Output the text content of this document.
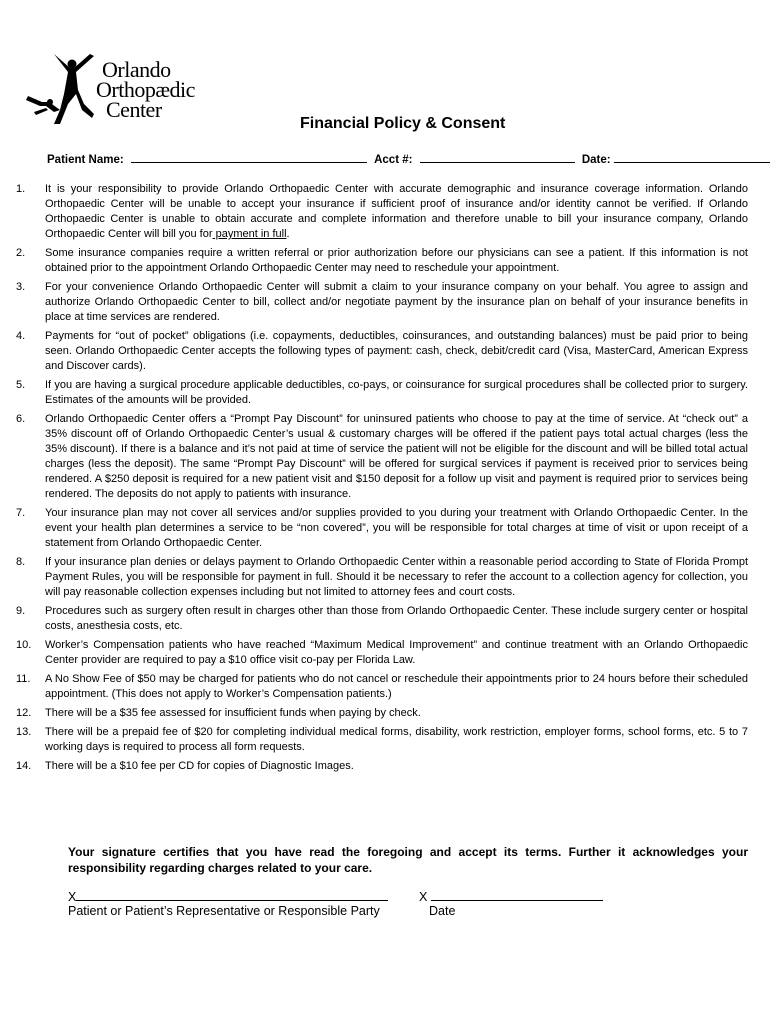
Orlando
Orthopædic
Center
Financial Policy & Consent
Patient Name:	Acct #:	Date:
1.	It is your responsibility to provide Orlando Orthopaedic Center with accurate demographic and insurance coverage information. Orlando Orthopaedic Center will be unable to accept your insurance if sufficient proof of insurance and/or identity cannot be verified. If Orlando Orthopaedic Center is unable to obtain accurate and complete information and therefore unable to bill your insurance company, Orlando Orthopaedic Center will bill you for payment in full.
2.	Some insurance companies require a written referral or prior authorization before our physicians can see a patient. If this information is not obtained prior to the appointment Orlando Orthopaedic Center may need to reschedule your appointment.
3.	For your convenience Orlando Orthopaedic Center will submit a claim to your insurance company on your behalf. You agree to assign and authorize Orlando Orthopaedic Center to bill, collect and/or negotiate payment by the insurance plan on behalf of your insurance benefits in place at time services are rendered.
4.	Payments for “out of pocket” obligations (i.e. copayments, deductibles, coinsurances, and outstanding balances) must be paid prior to being seen. Orlando Orthopaedic Center accepts the following types of payment: cash, check, debit/credit card (Visa, MasterCard, American Express and Discover cards).
5.	If you are having a surgical procedure applicable deductibles, co-pays, or coinsurance for surgical procedures shall be collected prior to surgery. Estimates of the amounts will be provided.
6.	Orlando Orthopaedic Center offers a “Prompt Pay Discount” for uninsured patients who choose to pay at the time of service. At “check out” a 35% discount off of Orlando Orthopaedic Center’s usual & customary charges will be offered if the patient pays total actual charges (less the 35% discount). If there is a balance and it’s not paid at time of service the patient will not be eligible for the discount and will be billed total actual charges (less the deposit). The same “Prompt Pay Discount” will be offered for surgical services if payment is received prior to services being rendered. A $250 deposit is required for a new patient visit and $150 deposit for a follow up visit and payment is required prior to services being rendered. The deposits do not apply to patients with insurance.
7.	Your insurance plan may not cover all services and/or supplies provided to you during your treatment with Orlando Orthopaedic Center. In the event your health plan determines a service to be “non covered”, you will be responsible for total charges at time of visit or upon receipt of a statement from Orlando Orthopaedic Center.
8.	If your insurance plan denies or delays payment to Orlando Orthopaedic Center within a reasonable period according to State of Florida Prompt Payment Rules, you will be responsible for payment in full. Should it be necessary to refer the account to a collection agency for collection, you will pay reasonable collection expenses including but not limited to attorney fees and court costs.
9.	Procedures such as surgery often result in charges other than those from Orlando Orthopaedic Center. These include surgery center or hospital costs, anesthesia costs, etc.
10.	Worker’s Compensation patients who have reached “Maximum Medical Improvement” and continue treatment with an Orlando Orthopaedic Center provider are required to pay a $10 office visit co-pay per Florida Law.
11.	A No Show Fee of $50 may be charged for patients who do not cancel or reschedule their appointments prior to 24 hours before their scheduled appointment. (This does not apply to Worker’s Compensation patients.)
12.	There will be a $35 fee assessed for insufficient funds when paying by check.
13.	There will be a prepaid fee of $20 for completing individual medical forms, disability, work restriction, employer forms, school forms, etc. 5 to 7 working days is required to process all form requests.
14.	There will be a $10 fee per CD for copies of Diagnostic Images.
Your signature certifies that you have read the foregoing and accept its terms. Further it acknowledges your responsibility regarding charges related to your care.
X
Patient or Patient’s Representative or Responsible Party
X
Date
